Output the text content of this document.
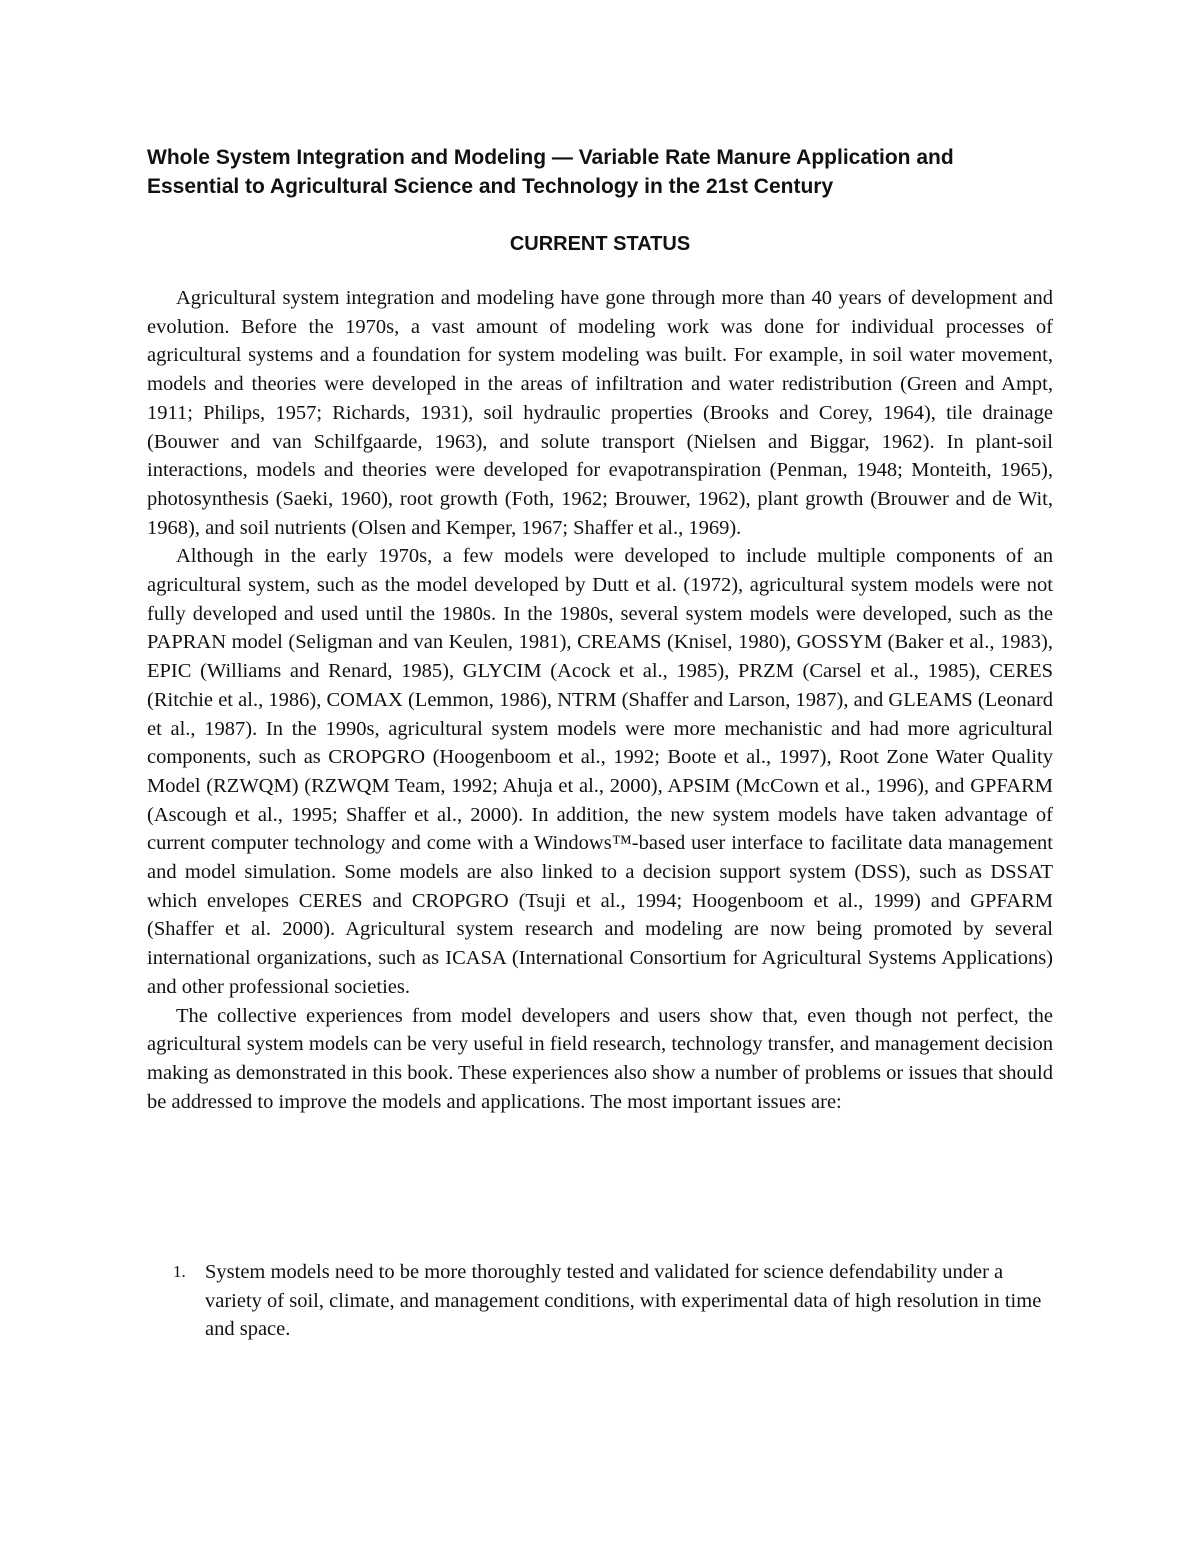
Whole System Integration and Modeling — Variable Rate Manure Application and
Essential to Agricultural Science and Technology in the 21st Century
CURRENT STATUS

Agricultural system integration and modeling have gone through more than 40 years of development and evolution. Before the 1970s, a vast amount of modeling work was done for individual processes of agricultural systems and a foundation for system modeling was built. For example, in soil water movement, models and theories were developed in the areas of infiltration and water redistribution (Green and Ampt, 1911; Philips, 1957; Richards, 1931), soil hydraulic properties (Brooks and Corey, 1964), tile drainage (Bouwer and van Schilfgaarde, 1963), and solute transport (Nielsen and Biggar, 1962). In plant-soil interactions, models and theories were developed for evapotranspiration (Penman, 1948; Monteith, 1965), photosynthesis (Saeki, 1960), root growth (Foth, 1962; Brouwer, 1962), plant growth (Brouwer and de Wit, 1968), and soil nutrients (Olsen and Kemper, 1967; Shaffer et al., 1969).

Although in the early 1970s, a few models were developed to include multiple components of an agricultural system, such as the model developed by Dutt et al. (1972), agricultural system models were not fully developed and used until the 1980s. In the 1980s, several system models were developed, such as the PAPRAN model (Seligman and van Keulen, 1981), CREAMS (Knisel, 1980), GOSSYM (Baker et al., 1983), EPIC (Williams and Renard, 1985), GLYCIM (Acock et al., 1985), PRZM (Carsel et al., 1985), CERES (Ritchie et al., 1986), COMAX (Lemmon, 1986), NTRM (Shaffer and Larson, 1987), and GLEAMS (Leonard et al., 1987). In the 1990s, agricultural system models were more mechanistic and had more agricultural components, such as CROPGRO (Hoogenboom et al., 1992; Boote et al., 1997), Root Zone Water Quality Model (RZWQM) (RZWQM Team, 1992; Ahuja et al., 2000), APSIM (McCown et al., 1996), and GPFARM (Ascough et al., 1995; Shaffer et al., 2000). In addition, the new system models have taken advantage of current computer technology and come with a Windows™-based user interface to facilitate data management and model simulation. Some models are also linked to a decision support system (DSS), such as DSSAT which envelopes CERES and CROPGRO (Tsuji et al., 1994; Hoogenboom et al., 1999) and GPFARM (Shaffer et al. 2000). Agricultural system research and modeling are now being promoted by several international organizations, such as ICASA (International Consortium for Agricultural Systems Applications) and other professional societies.

The collective experiences from model developers and users show that, even though not perfect, the agricultural system models can be very useful in field research, technology transfer, and management decision making as demonstrated in this book. These experiences also show a number of problems or issues that should be addressed to improve the models and applications. The most important issues are:

1. System models need to be more thoroughly tested and validated for science defendability under a variety of soil, climate, and management conditions, with experimental data of high resolution in time and space.
